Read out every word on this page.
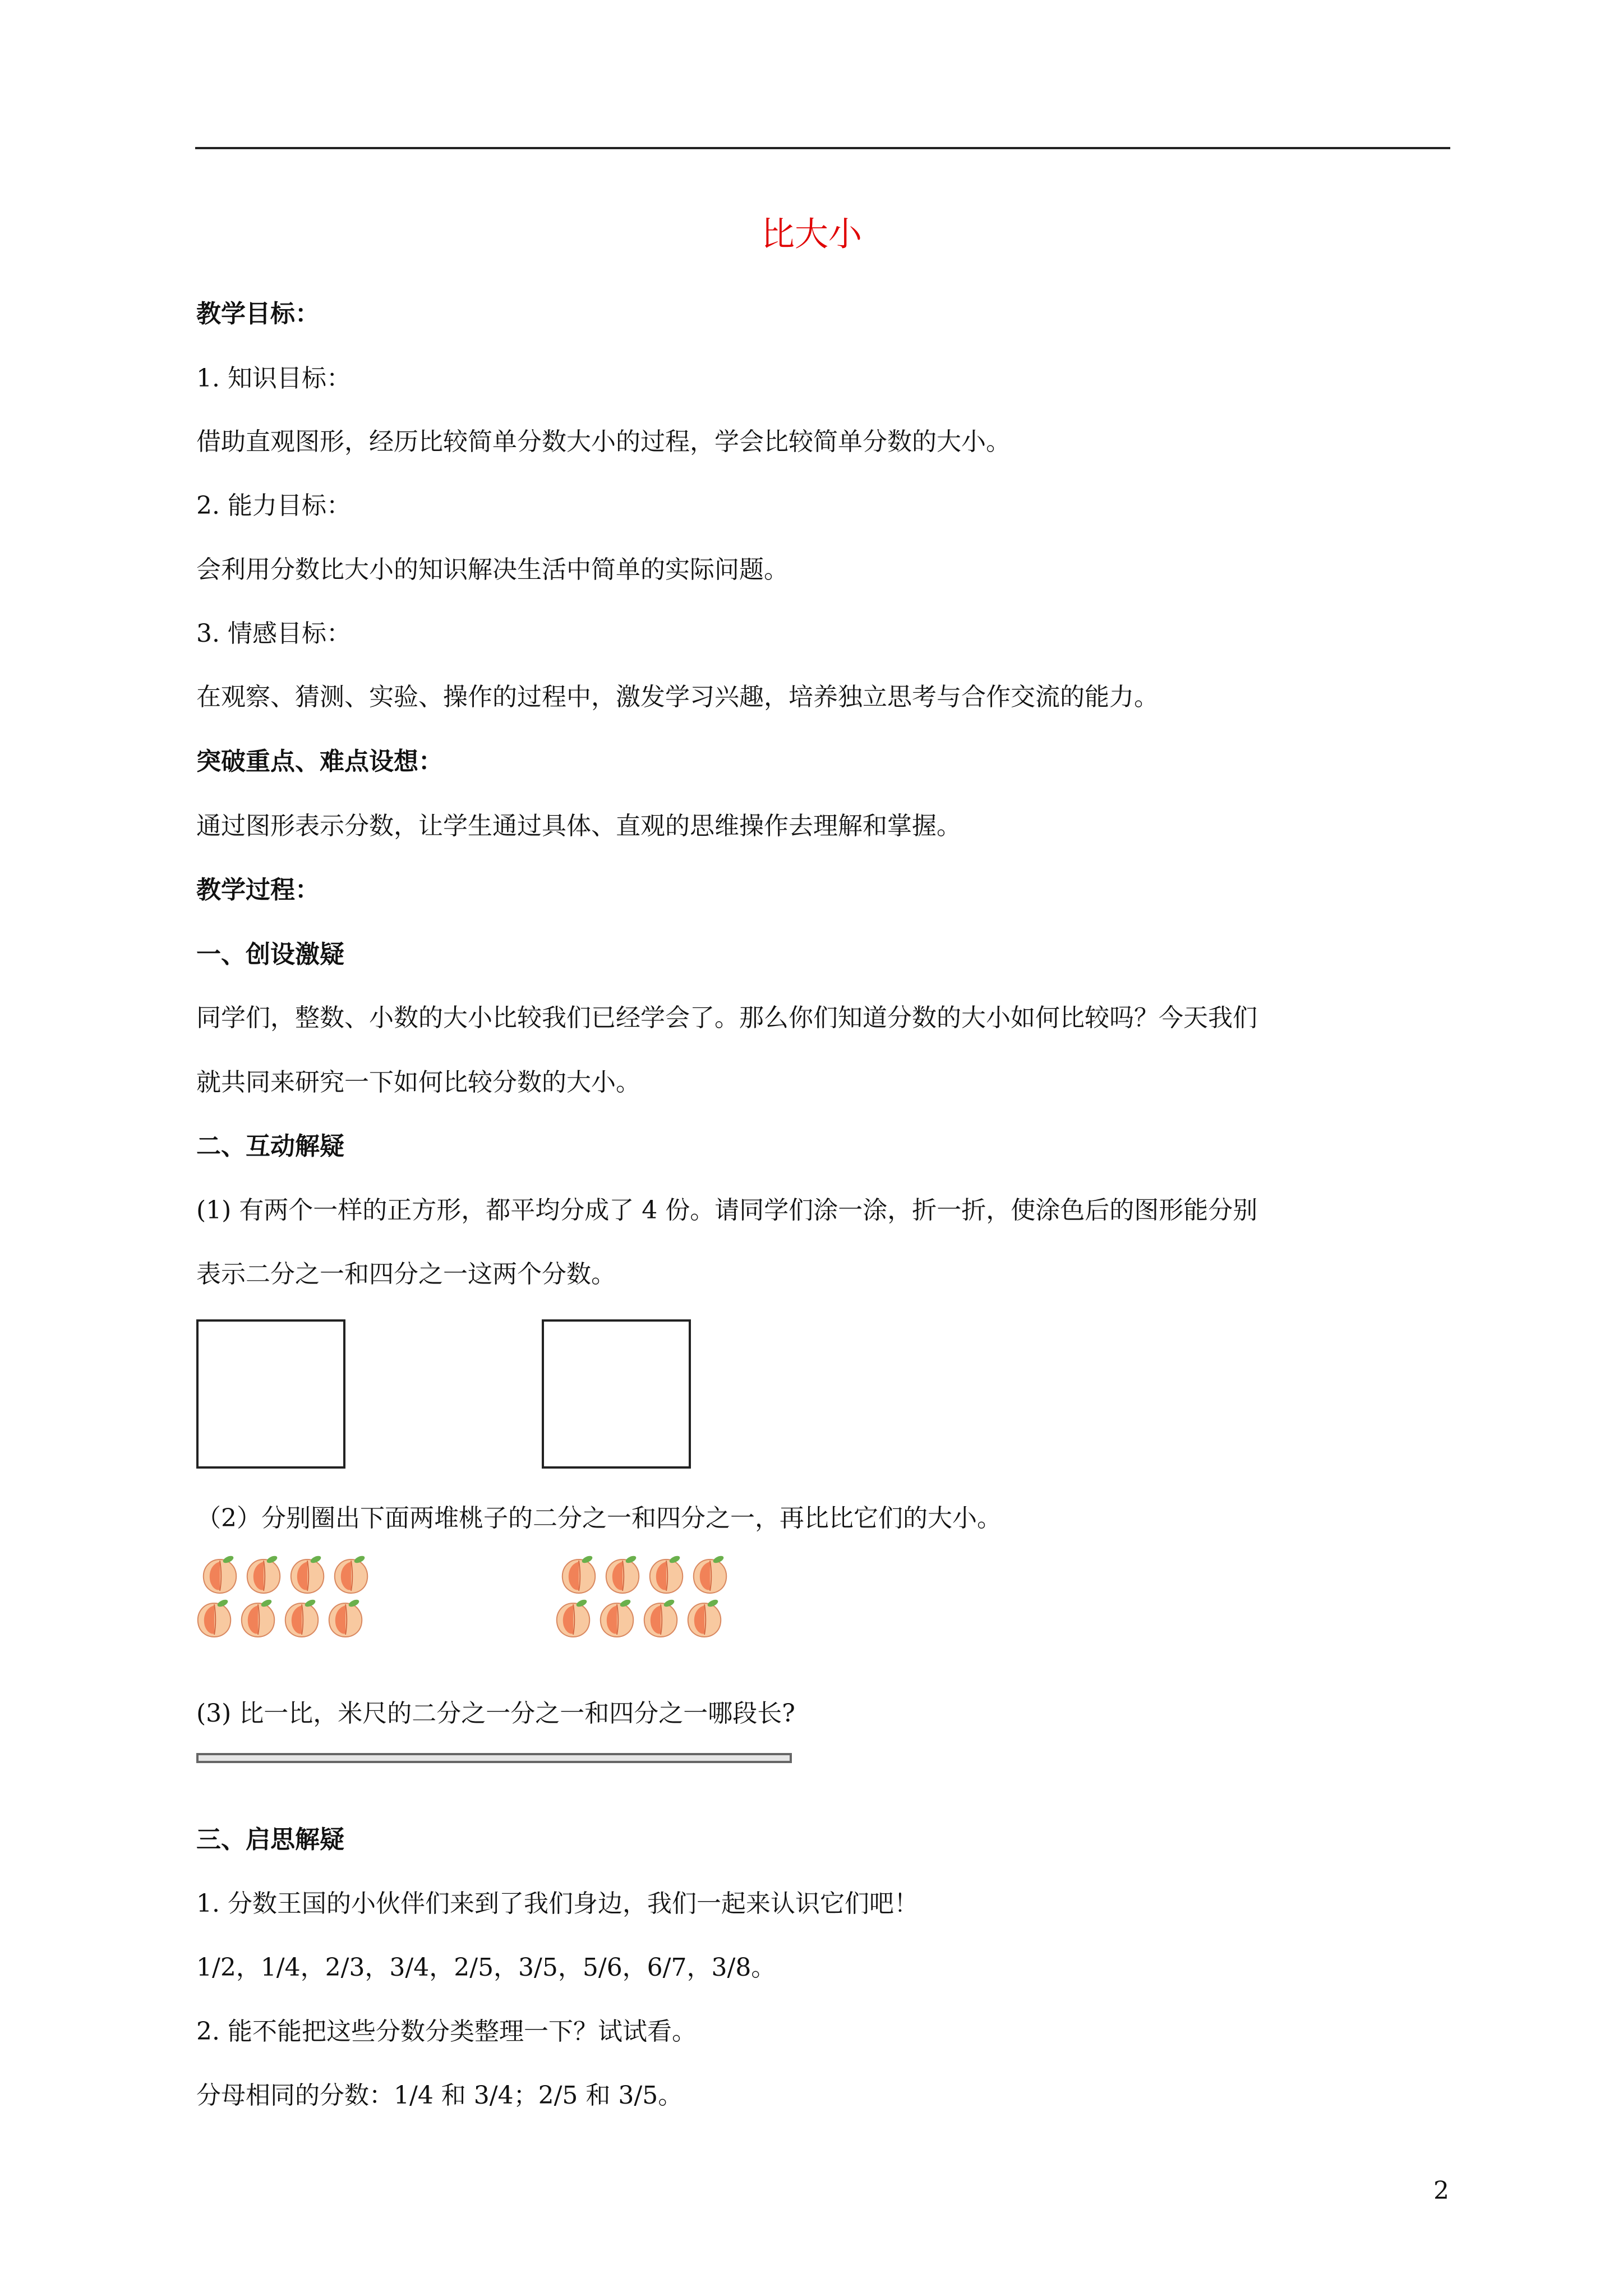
比大小
教学目标：
1. 知识目标：
借助直观图形，经历比较简单分数大小的过程，学会比较简单分数的大小。
2. 能力目标：
会利用分数比大小的知识解决生活中简单的实际问题。
3. 情感目标：
在观察、猜测、实验、操作的过程中，激发学习兴趣，培养独立思考与合作交流的能力。
突破重点、难点设想：
通过图形表示分数，让学生通过具体、直观的思维操作去理解和掌握。
教学过程：
一、创设激疑
同学们，整数、小数的大小比较我们已经学会了。那么你们知道分数的大小如何比较吗？今天我们
就共同来研究一下如何比较分数的大小。
二、互动解疑
(1) 有两个一样的正方形，都平均分成了 4 份。请同学们涂一涂，折一折，使涂色后的图形能分别
表示二分之一和四分之一这两个分数。
（2）分别圈出下面两堆桃子的二分之一和四分之一，再比比它们的大小。
(3) 比一比，米尺的二分之一分之一和四分之一哪段长?
三、启思解疑
1. 分数王国的小伙伴们来到了我们身边，我们一起来认识它们吧！
1/2，1/4，2/3，3/4，2/5，3/5，5/6，6/7，3/8。
2. 能不能把这些分数分类整理一下？试试看。
分母相同的分数：1/4 和 3/4；2/5 和 3/5。
2
